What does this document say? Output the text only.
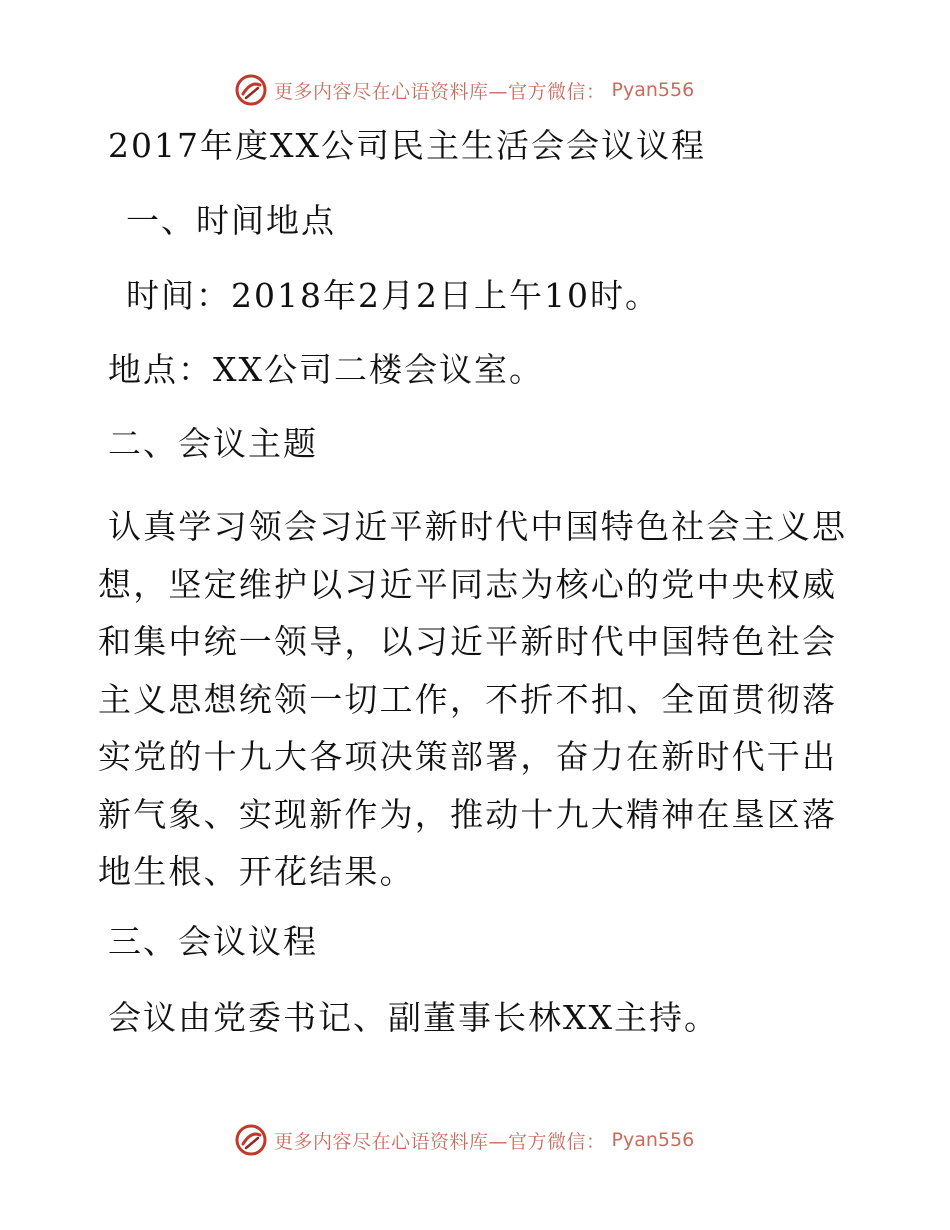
更多内容尽在心语资料库—官方微信： Pyan556
2017年度XX公司民主生活会会议议程
一、时间地点
时间：2018年2月2日上午10时。
地点：XX公司二楼会议室。
二、会议主题

认真学习领会习近平新时代中国特色社会主义思想，坚定维护以习近平同志为核心的党中央权威和集中统一领导，以习近平新时代中国特色社会主义思想统领一切工作，不折不扣、全面贯彻落实党的十九大各项决策部署，奋力在新时代干出新气象、实现新作为，推动十九大精神在垦区落地生根、开花结果。

三、会议议程
会议由党委书记、副董事长林XX主持。
更多内容尽在心语资料库—官方微信： Pyan556
